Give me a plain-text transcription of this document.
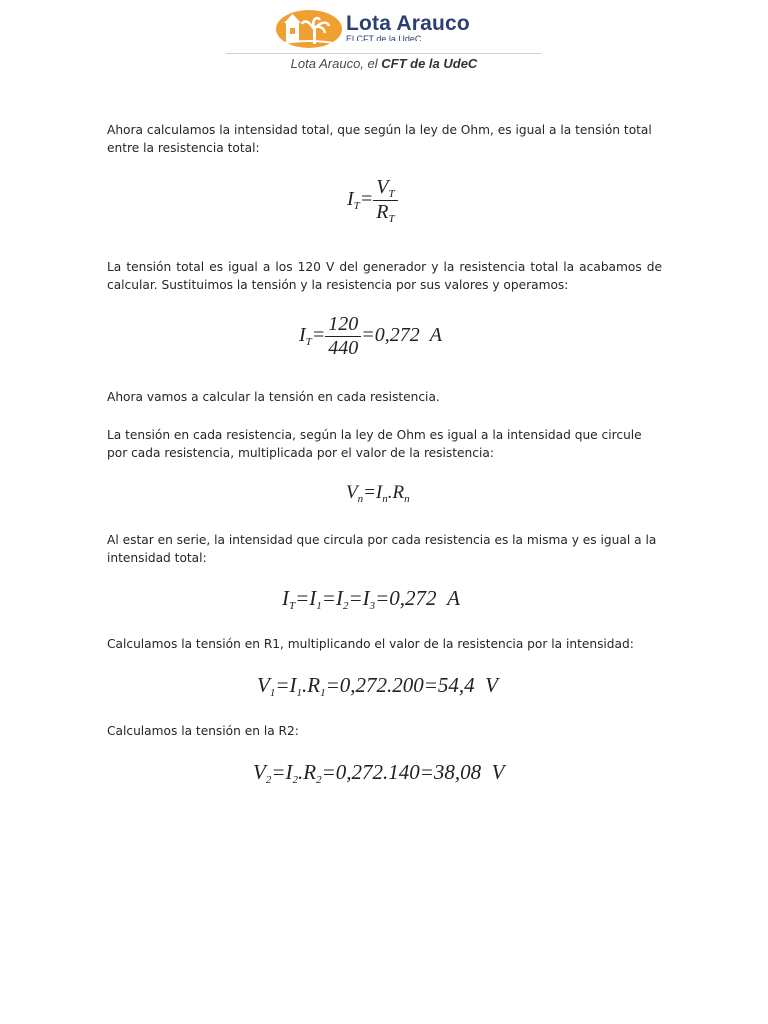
Lota Arauco
El CFT de la UdeC
Lota Arauco, el CFT de la UdeC

Ahora calculamos la intensidad total, que según la ley de Ohm, es igual a la tensión total entre la resistencia total:

$I_T= \frac{V_T}{R_T}$

La tensión total es igual a los 120 V del generador y la resistencia total la acabamos de calcular. Sustituimos la tensión y la resistencia por sus valores y operamos:

$I_T= \frac{120}{440} =0,272$ A

Ahora vamos a calcular la tensión en cada resistencia.

La tensión en cada resistencia, según la ley de Ohm es igual a la intensidad que circule por cada resistencia, multiplicada por el valor de la resistencia:

$V_n=I_n.R_n$

Al estar en serie, la intensidad que circula por cada resistencia es la misma y es igual a la intensidad total:

$I_T=I_1=I_2=I_3=0,272$ A

Calculamos la tensión en R1, multiplicando el valor de la resistencia por la intensidad:

$V_1=I_1.R_1=0,272.200=54,4$ V

Calculamos la tensión en la R2:

$V_2=I_2.R_2=0,272.140=38,08$ V
